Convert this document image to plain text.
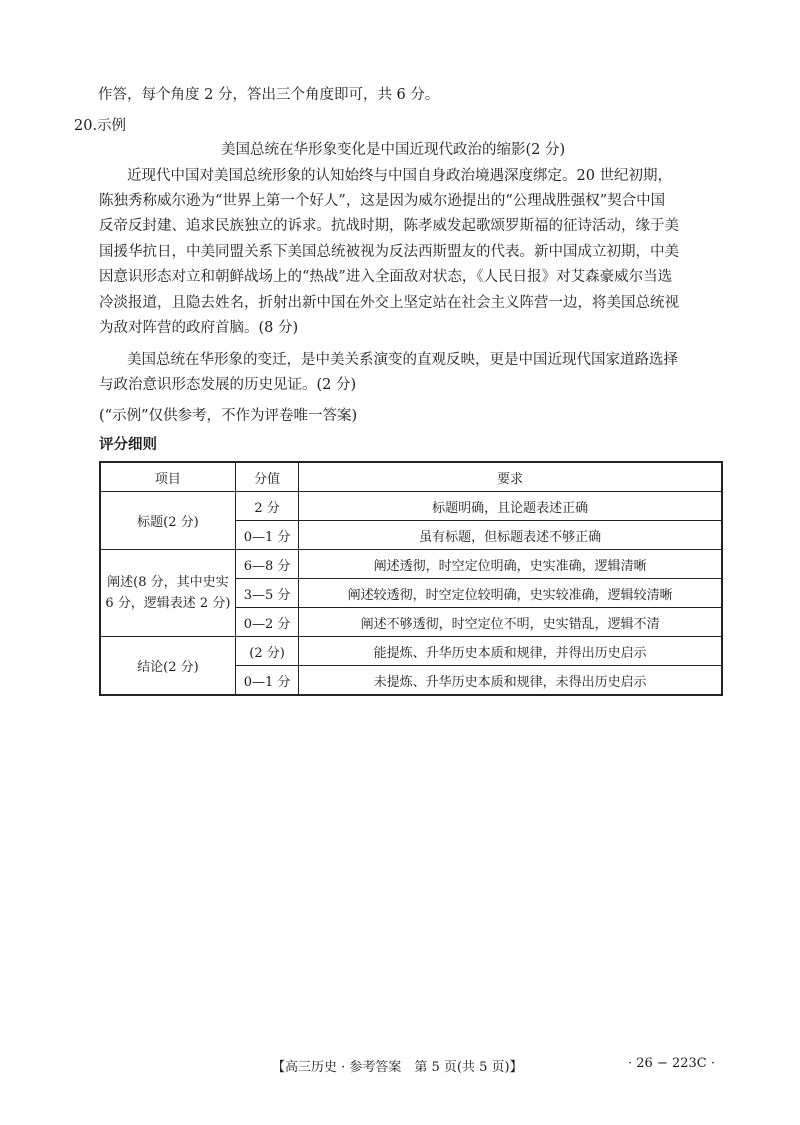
作答，每个角度 2 分，答出三个角度即可，共 6 分。
20.示例
美国总统在华形象变化是中国近现代政治的缩影(2 分)
近现代中国对美国总统形象的认知始终与中国自身政治境遇深度绑定。20 世纪初期，
陈独秀称威尔逊为“世界上第一个好人”，这是因为威尔逊提出的“公理战胜强权”契合中国
反帝反封建、追求民族独立的诉求。抗战时期，陈孝威发起歌颂罗斯福的征诗活动，缘于美
国援华抗日，中美同盟关系下美国总统被视为反法西斯盟友的代表。新中国成立初期，中美
因意识形态对立和朝鲜战场上的“热战”进入全面敌对状态，《人民日报》对艾森豪威尔当选
冷淡报道，且隐去姓名，折射出新中国在外交上坚定站在社会主义阵营一边，将美国总统视
为敌对阵营的政府首脑。(8 分)
美国总统在华形象的变迁，是中美关系演变的直观反映，更是中国近现代国家道路选择
与政治意识形态发展的历史见证。(2 分)
(“示例”仅供参考，不作为评卷唯一答案)
评分细则
项目	分值	要求
标题(2 分)	2 分	标题明确，且论题表述正确
	0—1 分	虽有标题，但标题表述不够正确

阐述(8 分，其中史实
6 分，逻辑表述 2 分)	6—8 分	阐述透彻，时空定位明确，史实准确，逻辑清晰
	3—5 分	阐述较透彻，时空定位较明确，史实较准确，逻辑较清晰
	0—2 分	阐述不够透彻，时空定位不明，史实错乱，逻辑不清
结论(2 分)	(2 分)	能提炼、升华历史本质和规律，并得出历史启示
	0—1 分	未提炼、升华历史本质和规律，未得出历史启示
【高三历史 · 参考答案　第 5 页(共 5 页)】	· 26 − 223C ·
